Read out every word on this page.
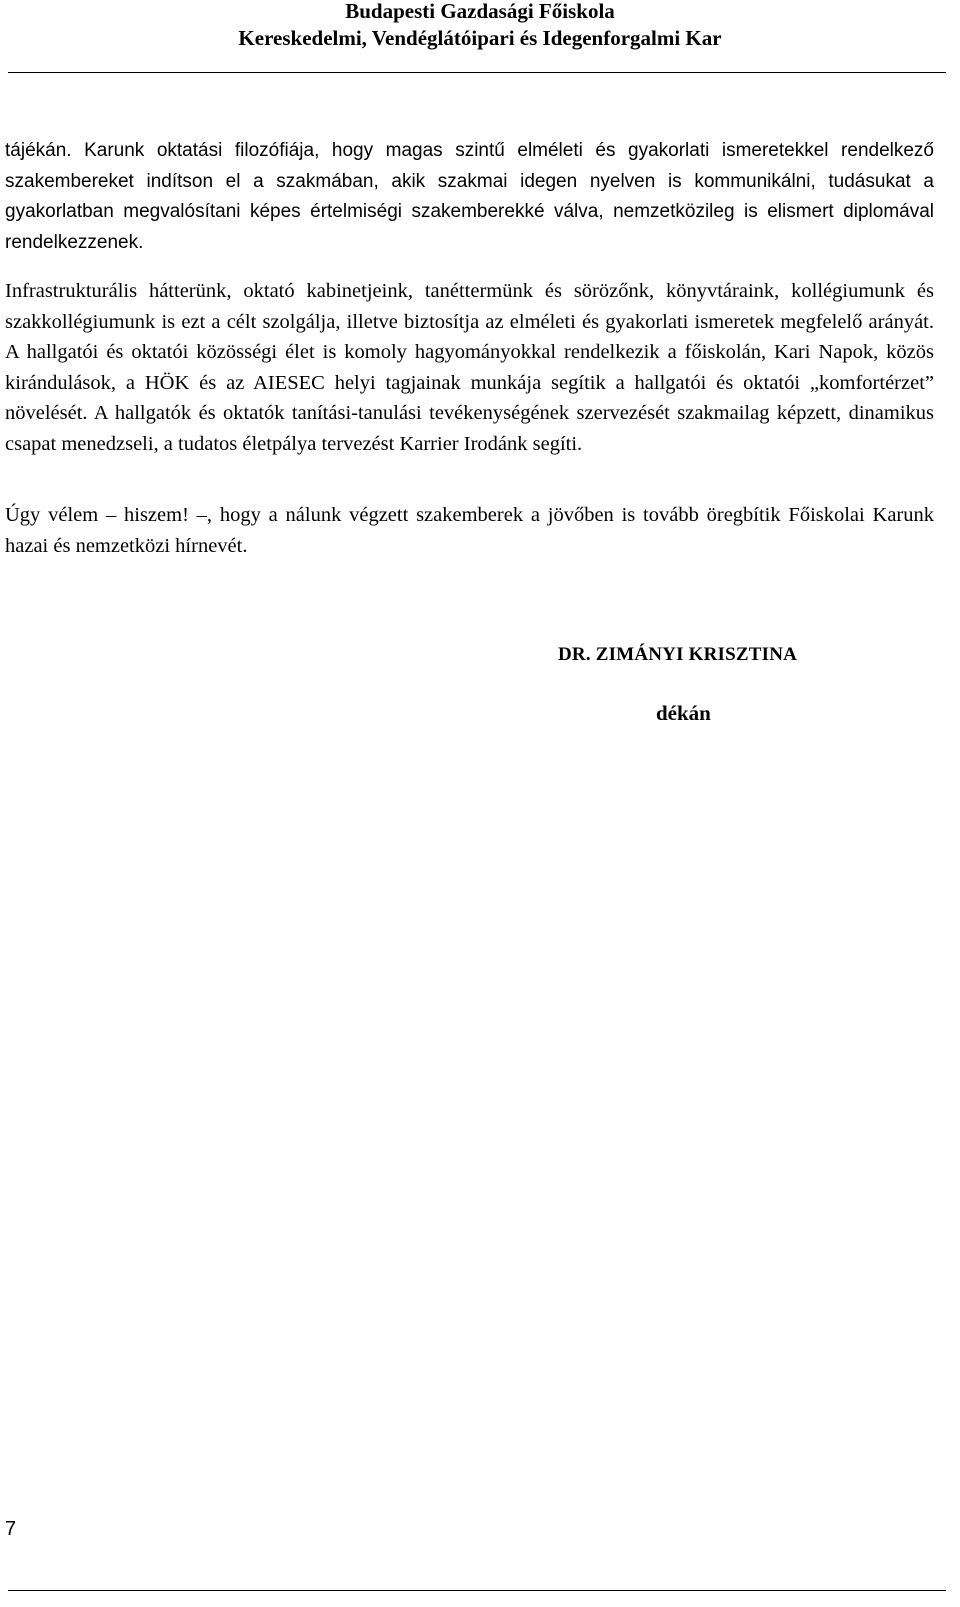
Budapesti Gazdasági Főiskola
Kereskedelmi, Vendéglátóipari és Idegenforgalmi Kar

tájékán. Karunk oktatási filozófiája, hogy magas szintű elméleti és gyakorlati ismeretekkel rendelkező szakembereket indítson el a szakmában, akik szakmai idegen nyelven is kommunikálni, tudásukat a gyakorlatban megvalósítani képes értelmiségi szakemberekké válva, nemzetközileg is elismert diplomával rendelkezzenek.

Infrastrukturális hátterünk, oktató kabinetjeink, tanéttermünk és sörözőnk, könyvtáraink, kollégiumunk és szakkollégiumunk is ezt a célt szolgálja, illetve biztosítja az elméleti és gyakorlati ismeretek megfelelő arányát. A hallgatói és oktatói közösségi élet is komoly hagyományokkal rendelkezik a főiskolán, Kari Napok, közös kirándulások, a HÖK és az AIESEC helyi tagjainak munkája segítik a hallgatói és oktatói „komfortérzet” növelését. A hallgatók és oktatók tanítási-tanulási tevékenységének szervezését szakmailag képzett, dinamikus csapat menedzseli, a tudatos életpálya tervezést Karrier Irodánk segíti.

Úgy vélem – hiszem! –, hogy a nálunk végzett szakemberek a jövőben is tovább öregbítik Főiskolai Karunk hazai és nemzetközi hírnevét.

DR. ZIMÁNYI KRISZTINA
dékán
7
